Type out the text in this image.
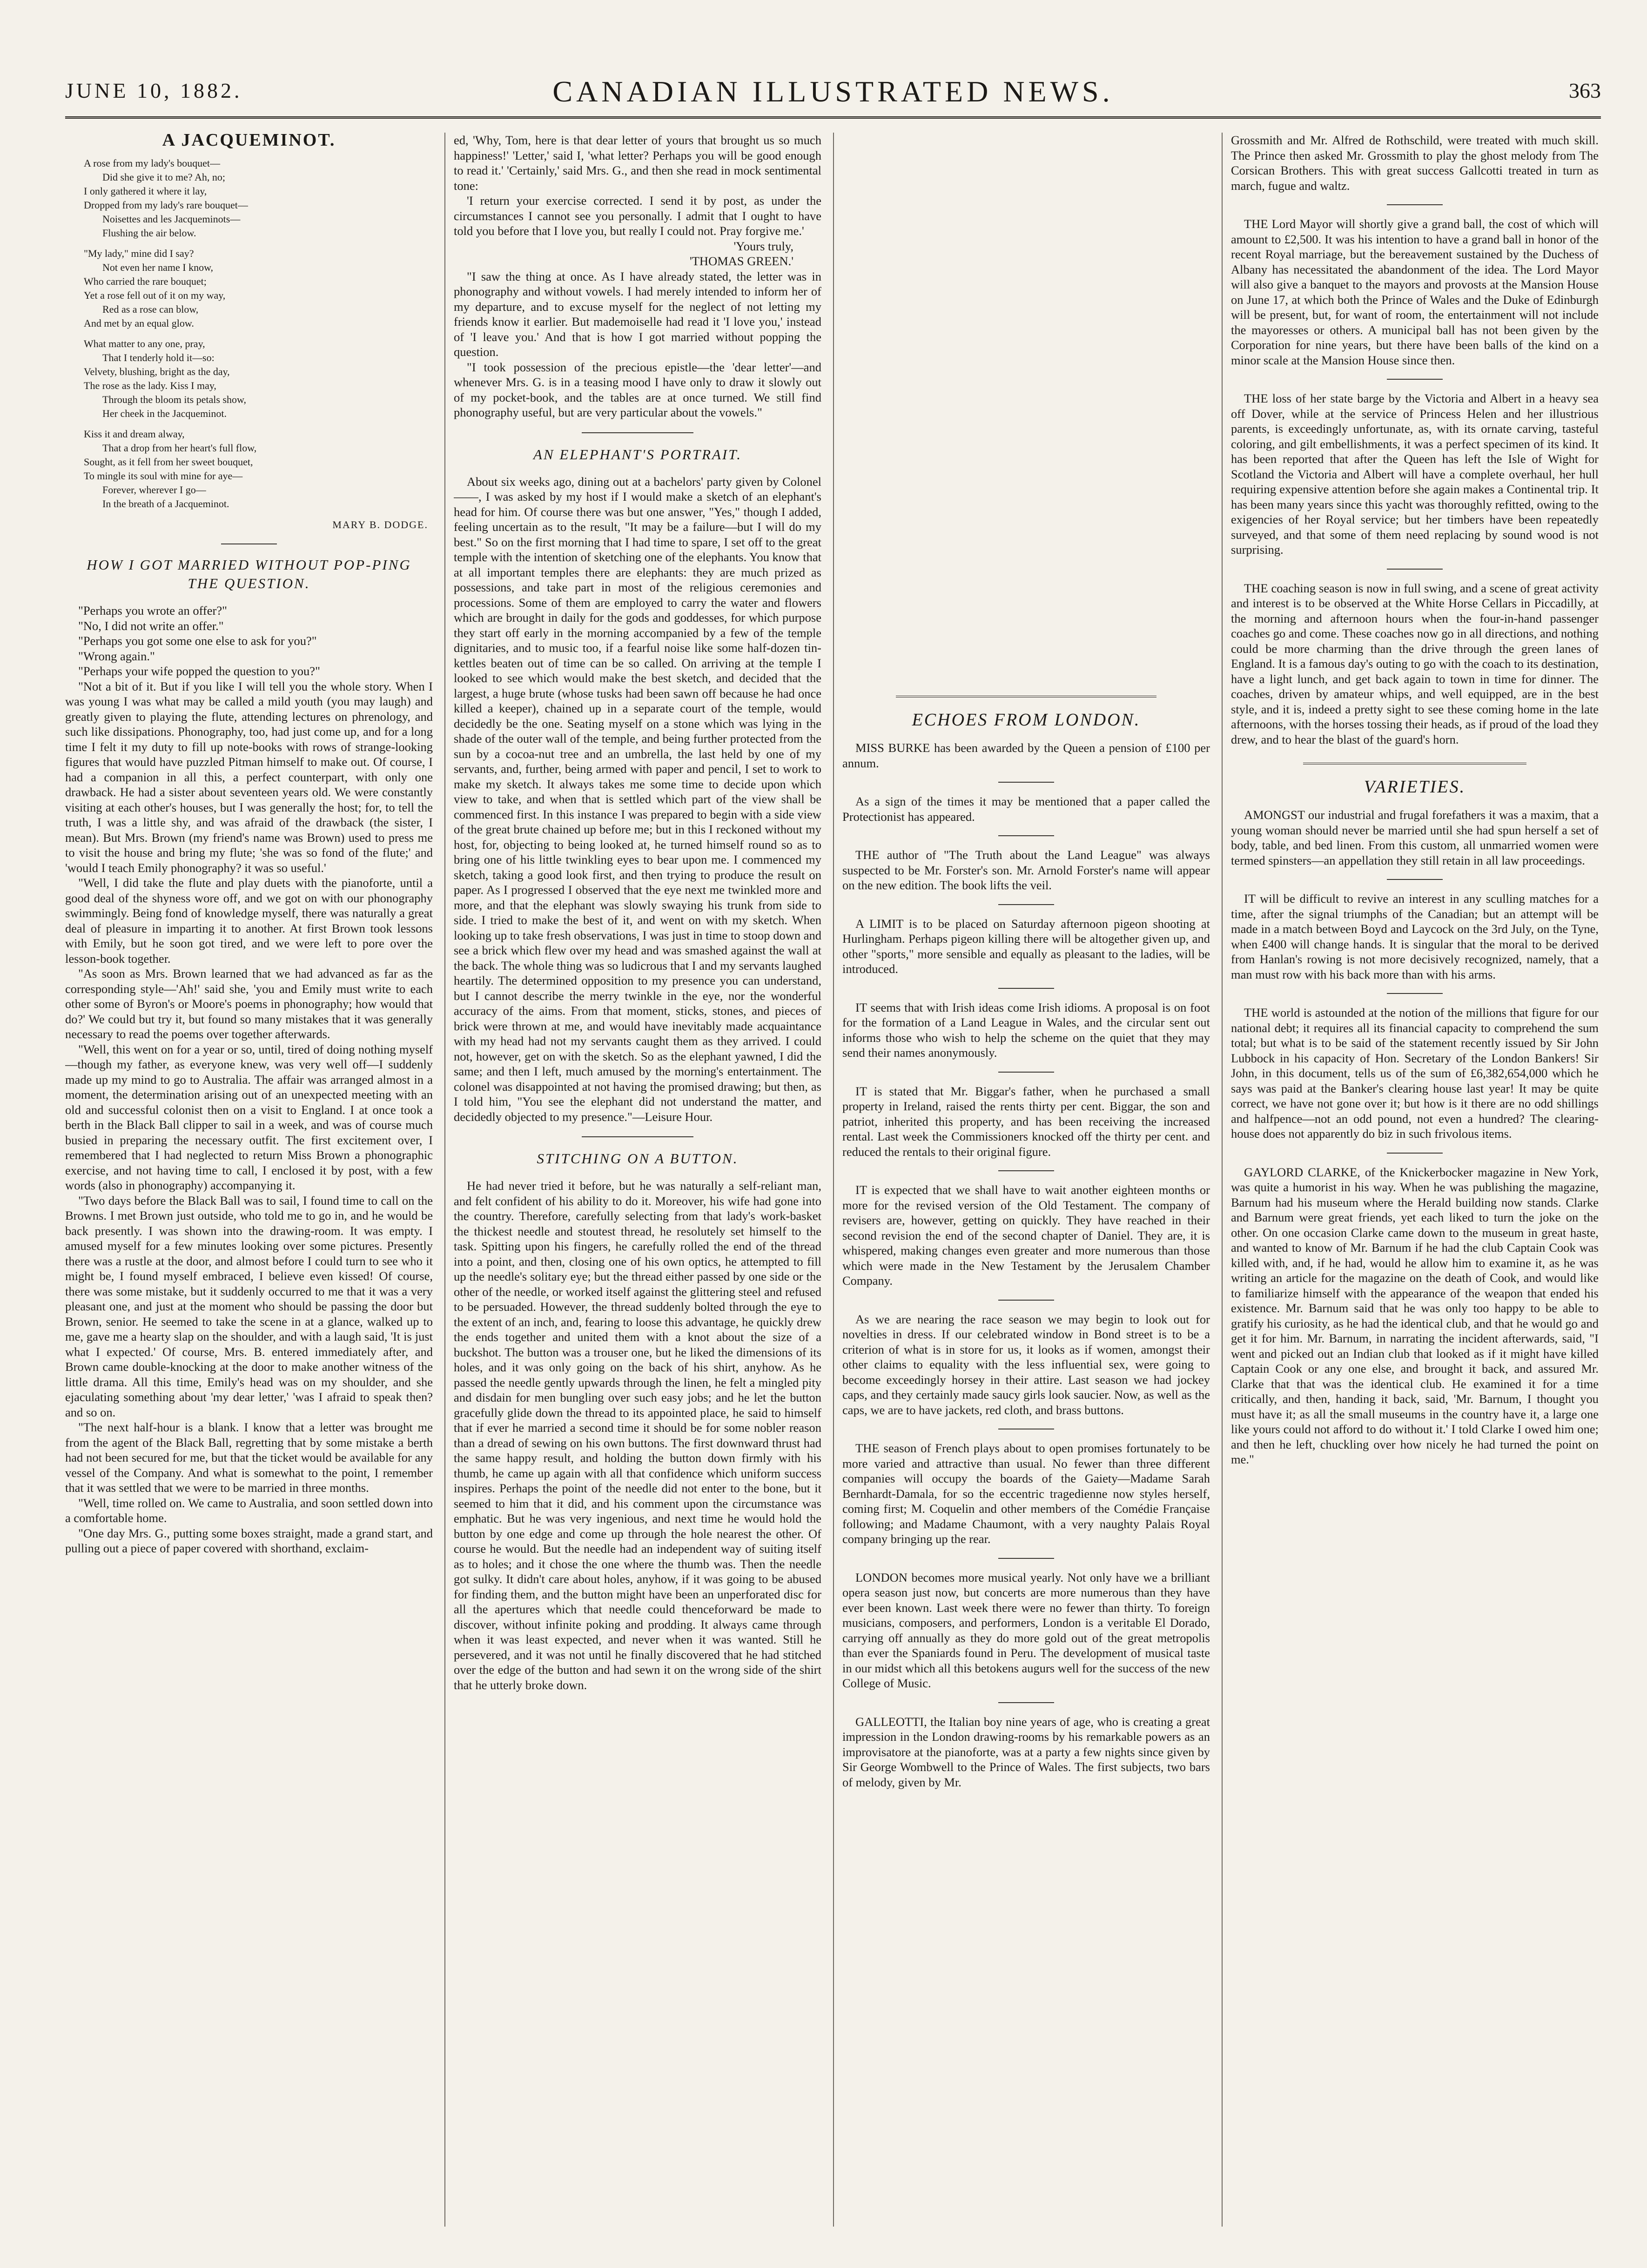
JUNE 10, 1882.	CANADIAN ILLUSTRATED NEWS.	363
A JACQUEMINOT.
A rose from my lady's bouquet—
Did she give it to me? Ah, no;
I only gathered it where it lay,
Dropped from my lady's rare bouquet—
Noisettes and les Jacqueminots—
Flushing the air below.
"My lady," mine did I say?
Not even her name I know,
Who carried the rare bouquet;
Yet a rose fell out of it on my way,
Red as a rose can blow,
And met by an equal glow.
What matter to any one, pray,
That I tenderly hold it—so:
Velvety, blushing, bright as the day,
The rose as the lady. Kiss I may,
Through the bloom its petals show,
Her cheek in the Jacqueminot.
Kiss it and dream alway,
That a drop from her heart's full flow,
Sought, as it fell from her sweet bouquet,
To mingle its soul with mine for aye—
Forever, wherever I go—
In the breath of a Jacqueminot.
MARY B. DODGE.
HOW I GOT MARRIED WITHOUT POP-PING THE QUESTION.

"Perhaps you wrote an offer?"

"No, I did not write an offer."

"Perhaps you got some one else to ask for you?"

"Wrong again."

"Perhaps your wife popped the question to you?"

"Not a bit of it. But if you like I will tell you the whole story. When I was young I was what may be called a mild youth (you may laugh) and greatly given to playing the flute, attending lectures on phrenology, and such like dissipations. Phonography, too, had just come up, and for a long time I felt it my duty to fill up note-books with rows of strange-looking figures that would have puzzled Pitman himself to make out. Of course, I had a companion in all this, a perfect counterpart, with only one drawback. He had a sister about seventeen years old. We were constantly visiting at each other's houses, but I was generally the host; for, to tell the truth, I was a little shy, and was afraid of the drawback (the sister, I mean). But Mrs. Brown (my friend's name was Brown) used to press me to visit the house and bring my flute; 'she was so fond of the flute;' and 'would I teach Emily phonography? it was so useful.'

"Well, I did take the flute and play duets with the pianoforte, until a good deal of the shyness wore off, and we got on with our phonography swimmingly. Being fond of knowledge myself, there was naturally a great deal of pleasure in imparting it to another. At first Brown took lessons with Emily, but he soon got tired, and we were left to pore over the lesson-book together.

"As soon as Mrs. Brown learned that we had advanced as far as the corresponding style—'Ah!' said she, 'you and Emily must write to each other some of Byron's or Moore's poems in phonography; how would that do?' We could but try it, but found so many mistakes that it was generally necessary to read the poems over together afterwards.

"Well, this went on for a year or so, until, tired of doing nothing myself—though my father, as everyone knew, was very well off—I suddenly made up my mind to go to Australia. The affair was arranged almost in a moment, the determination arising out of an unexpected meeting with an old and successful colonist then on a visit to England. I at once took a berth in the Black Ball clipper to sail in a week, and was of course much busied in preparing the necessary outfit. The first excitement over, I remembered that I had neglected to return Miss Brown a phonographic exercise, and not having time to call, I enclosed it by post, with a few words (also in phonography) accompanying it.

"Two days before the Black Ball was to sail, I found time to call on the Browns. I met Brown just outside, who told me to go in, and he would be back presently. I was shown into the drawing-room. It was empty. I amused myself for a few minutes looking over some pictures. Presently there was a rustle at the door, and almost before I could turn to see who it might be, I found myself embraced, I believe even kissed! Of course, there was some mistake, but it suddenly occurred to me that it was a very pleasant one, and just at the moment who should be passing the door but Brown, senior. He seemed to take the scene in at a glance, walked up to me, gave me a hearty slap on the shoulder, and with a laugh said, 'It is just what I expected.' Of course, Mrs. B. entered immediately after, and Brown came double-knocking at the door to make another witness of the little drama. All this time, Emily's head was on my shoulder, and she ejaculating something about 'my dear letter,' 'was I afraid to speak then? and so on.

"The next half-hour is a blank. I know that a letter was brought me from the agent of the Black Ball, regretting that by some mistake a berth had not been secured for me, but that the ticket would be available for any vessel of the Company. And what is somewhat to the point, I remember that it was settled that we were to be married in three months.

"Well, time rolled on. We came to Australia, and soon settled down into a comfortable home.

"One day Mrs. G., putting some boxes straight, made a grand start, and pulling out a piece of paper covered with shorthand, exclaim-

ed, 'Why, Tom, here is that dear letter of yours that brought us so much happiness!' 'Letter,' said I, 'what letter? Perhaps you will be good enough to read it.' 'Certainly,' said Mrs. G., and then she read in mock sentimental tone:

'I return your exercise corrected. I send it by post, as under the circumstances I cannot see you personally. I admit that I ought to have told you before that I love you, but really I could not. Pray forgive me.'

'Yours truly,

'THOMAS GREEN.'

"I saw the thing at once. As I have already stated, the letter was in phonography and without vowels. I had merely intended to inform her of my departure, and to excuse myself for the neglect of not letting my friends know it earlier. But mademoiselle had read it 'I love you,' instead of 'I leave you.' And that is how I got married without popping the question.

"I took possession of the precious epistle—the 'dear letter'—and whenever Mrs. G. is in a teasing mood I have only to draw it slowly out of my pocket-book, and the tables are at once turned. We still find phonography useful, but are very particular about the vowels."

AN ELEPHANT'S PORTRAIT.

About six weeks ago, dining out at a bachelors' party given by Colonel ——, I was asked by my host if I would make a sketch of an elephant's head for him. Of course there was but one answer, "Yes," though I added, feeling uncertain as to the result, "It may be a failure—but I will do my best." So on the first morning that I had time to spare, I set off to the great temple with the intention of sketching one of the elephants. You know that at all important temples there are elephants: they are much prized as possessions, and take part in most of the religious ceremonies and processions. Some of them are employed to carry the water and flowers which are brought in daily for the gods and goddesses, for which purpose they start off early in the morning accompanied by a few of the temple dignitaries, and to music too, if a fearful noise like some half-dozen tin-kettles beaten out of time can be so called. On arriving at the temple I looked to see which would make the best sketch, and decided that the largest, a huge brute (whose tusks had been sawn off because he had once killed a keeper), chained up in a separate court of the temple, would decidedly be the one. Seating myself on a stone which was lying in the shade of the outer wall of the temple, and being further protected from the sun by a cocoa-nut tree and an umbrella, the last held by one of my servants, and, further, being armed with paper and pencil, I set to work to make my sketch. It always takes me some time to decide upon which view to take, and when that is settled which part of the view shall be commenced first. In this instance I was prepared to begin with a side view of the great brute chained up before me; but in this I reckoned without my host, for, objecting to being looked at, he turned himself round so as to bring one of his little twinkling eyes to bear upon me. I commenced my sketch, taking a good look first, and then trying to produce the result on paper. As I progressed I observed that the eye next me twinkled more and more, and that the elephant was slowly swaying his trunk from side to side. I tried to make the best of it, and went on with my sketch. When looking up to take fresh observations, I was just in time to stoop down and see a brick which flew over my head and was smashed against the wall at the back. The whole thing was so ludicrous that I and my servants laughed heartily. The determined opposition to my presence you can understand, but I cannot describe the merry twinkle in the eye, nor the wonderful accuracy of the aims. From that moment, sticks, stones, and pieces of brick were thrown at me, and would have inevitably made acquaintance with my head had not my servants caught them as they arrived. I could not, however, get on with the sketch. So as the elephant yawned, I did the same; and then I left, much amused by the morning's entertainment. The colonel was disappointed at not having the promised drawing; but then, as I told him, "You see the elephant did not understand the matter, and decidedly objected to my presence."—Leisure Hour.

STITCHING ON A BUTTON.

He had never tried it before, but he was naturally a self-reliant man, and felt confident of his ability to do it. Moreover, his wife had gone into the country. Therefore, carefully selecting from that lady's work-basket the thickest needle and stoutest thread, he resolutely set himself to the task. Spitting upon his fingers, he carefully rolled the end of the thread into a point, and then, closing one of his own optics, he attempted to fill up the needle's solitary eye; but the thread either passed by one side or the other of the needle, or worked itself against the glittering steel and refused to be persuaded. However, the thread suddenly bolted through the eye to the extent of an inch, and, fearing to loose this advantage, he quickly drew the ends together and united them with a knot about the size of a buckshot. The button was a trouser one, but he liked the dimensions of its holes, and it was only going on the back of his shirt, anyhow. As he passed the needle gently upwards through the linen, he felt a mingled pity and disdain for men bungling over such easy jobs; and he let the button gracefully glide down the thread to its appointed place, he said to himself that if ever he married a second time it should be for some nobler reason than a dread of sewing on his own buttons. The first downward thrust had the same happy result, and holding the button down firmly with his thumb, he came up again with all that confidence which uniform success inspires. Perhaps the point of the needle did not enter to the bone, but it seemed to him that it did, and his comment upon the circumstance was emphatic. But he was very ingenious, and next time he would hold the button by one edge and come up through the hole nearest the other. Of course he would. But the needle had an independent way of suiting itself as to holes; and it chose the one where the thumb was. Then the needle got sulky. It didn't care about holes, anyhow, if it was going to be abused for finding them, and the button might have been an unperforated disc for all the apertures which that needle could thenceforward be made to discover, without infinite poking and prodding. It always came through when it was least expected, and never when it was wanted. Still he persevered, and it was not until he finally discovered that he had stitched over the edge of the button and had sewn it on the wrong side of the shirt that he utterly broke down.

ECHOES FROM LONDON.

MISS BURKE has been awarded by the Queen a pension of £100 per annum.

As a sign of the times it may be mentioned that a paper called the Protectionist has appeared.

THE author of "The Truth about the Land League" was always suspected to be Mr. Forster's son. Mr. Arnold Forster's name will appear on the new edition. The book lifts the veil.

A LIMIT is to be placed on Saturday afternoon pigeon shooting at Hurlingham. Perhaps pigeon killing there will be altogether given up, and other "sports," more sensible and equally as pleasant to the ladies, will be introduced.

IT seems that with Irish ideas come Irish idioms. A proposal is on foot for the formation of a Land League in Wales, and the circular sent out informs those who wish to help the scheme on the quiet that they may send their names anonymously.

IT is stated that Mr. Biggar's father, when he purchased a small property in Ireland, raised the rents thirty per cent. Biggar, the son and patriot, inherited this property, and has been receiving the increased rental. Last week the Commissioners knocked off the thirty per cent. and reduced the rentals to their original figure.

IT is expected that we shall have to wait another eighteen months or more for the revised version of the Old Testament. The company of revisers are, however, getting on quickly. They have reached in their second revision the end of the second chapter of Daniel. They are, it is whispered, making changes even greater and more numerous than those which were made in the New Testament by the Jerusalem Chamber Company.

As we are nearing the race season we may begin to look out for novelties in dress. If our celebrated window in Bond street is to be a criterion of what is in store for us, it looks as if women, amongst their other claims to equality with the less influential sex, were going to become exceedingly horsey in their attire. Last season we had jockey caps, and they certainly made saucy girls look saucier. Now, as well as the caps, we are to have jackets, red cloth, and brass buttons.

THE season of French plays about to open promises fortunately to be more varied and attractive than usual. No fewer than three different companies will occupy the boards of the Gaiety—Madame Sarah Bernhardt-Damala, for so the eccentric tragedienne now styles herself, coming first; M. Coquelin and other members of the Comédie Française following; and Madame Chaumont, with a very naughty Palais Royal company bringing up the rear.

LONDON becomes more musical yearly. Not only have we a brilliant opera season just now, but concerts are more numerous than they have ever been known. Last week there were no fewer than thirty. To foreign musicians, composers, and performers, London is a veritable El Dorado, carrying off annually as they do more gold out of the great metropolis than ever the Spaniards found in Peru. The development of musical taste in our midst which all this betokens augurs well for the success of the new College of Music.

GALLEOTTI, the Italian boy nine years of age, who is creating a great impression in the London drawing-rooms by his remarkable powers as an improvisatore at the pianoforte, was at a party a few nights since given by Sir George Wombwell to the Prince of Wales. The first subjects, two bars of melody, given by Mr.

Grossmith and Mr. Alfred de Rothschild, were treated with much skill. The Prince then asked Mr. Grossmith to play the ghost melody from The Corsican Brothers. This with great success Gallcotti treated in turn as march, fugue and waltz.

THE Lord Mayor will shortly give a grand ball, the cost of which will amount to £2,500. It was his intention to have a grand ball in honor of the recent Royal marriage, but the bereavement sustained by the Duchess of Albany has necessitated the abandonment of the idea. The Lord Mayor will also give a banquet to the mayors and provosts at the Mansion House on June 17, at which both the Prince of Wales and the Duke of Edinburgh will be present, but, for want of room, the entertainment will not include the mayoresses or others. A municipal ball has not been given by the Corporation for nine years, but there have been balls of the kind on a minor scale at the Mansion House since then.

THE loss of her state barge by the Victoria and Albert in a heavy sea off Dover, while at the service of Princess Helen and her illustrious parents, is exceedingly unfortunate, as, with its ornate carving, tasteful coloring, and gilt embellishments, it was a perfect specimen of its kind. It has been reported that after the Queen has left the Isle of Wight for Scotland the Victoria and Albert will have a complete overhaul, her hull requiring expensive attention before she again makes a Continental trip. It has been many years since this yacht was thoroughly refitted, owing to the exigencies of her Royal service; but her timbers have been repeatedly surveyed, and that some of them need replacing by sound wood is not surprising.

THE coaching season is now in full swing, and a scene of great activity and interest is to be observed at the White Horse Cellars in Piccadilly, at the morning and afternoon hours when the four-in-hand passenger coaches go and come. These coaches now go in all directions, and nothing could be more charming than the drive through the green lanes of England. It is a famous day's outing to go with the coach to its destination, have a light lunch, and get back again to town in time for dinner. The coaches, driven by amateur whips, and well equipped, are in the best style, and it is, indeed a pretty sight to see these coming home in the late afternoons, with the horses tossing their heads, as if proud of the load they drew, and to hear the blast of the guard's horn.

VARIETIES.

AMONGST our industrial and frugal forefathers it was a maxim, that a young woman should never be married until she had spun herself a set of body, table, and bed linen. From this custom, all unmarried women were termed spinsters—an appellation they still retain in all law proceedings.

IT will be difficult to revive an interest in any sculling matches for a time, after the signal triumphs of the Canadian; but an attempt will be made in a match between Boyd and Laycock on the 3rd July, on the Tyne, when £400 will change hands. It is singular that the moral to be derived from Hanlan's rowing is not more decisively recognized, namely, that a man must row with his back more than with his arms.

THE world is astounded at the notion of the millions that figure for our national debt; it requires all its financial capacity to comprehend the sum total; but what is to be said of the statement recently issued by Sir John Lubbock in his capacity of Hon. Secretary of the London Bankers! Sir John, in this document, tells us of the sum of £6,382,654,000 which he says was paid at the Banker's clearing house last year! It may be quite correct, we have not gone over it; but how is it there are no odd shillings and halfpence—not an odd pound, not even a hundred? The clearing-house does not apparently do biz in such frivolous items.

GAYLORD CLARKE, of the Knickerbocker magazine in New York, was quite a humorist in his way. When he was publishing the magazine, Barnum had his museum where the Herald building now stands. Clarke and Barnum were great friends, yet each liked to turn the joke on the other. On one occasion Clarke came down to the museum in great haste, and wanted to know of Mr. Barnum if he had the club Captain Cook was killed with, and, if he had, would he allow him to examine it, as he was writing an article for the magazine on the death of Cook, and would like to familiarize himself with the appearance of the weapon that ended his existence. Mr. Barnum said that he was only too happy to be able to gratify his curiosity, as he had the identical club, and that he would go and get it for him. Mr. Barnum, in narrating the incident afterwards, said, "I went and picked out an Indian club that looked as if it might have killed Captain Cook or any one else, and brought it back, and assured Mr. Clarke that that was the identical club. He examined it for a time critically, and then, handing it back, said, 'Mr. Barnum, I thought you must have it; as all the small museums in the country have it, a large one like yours could not afford to do without it.' I told Clarke I owed him one; and then he left, chuckling over how nicely he had turned the point on me."
